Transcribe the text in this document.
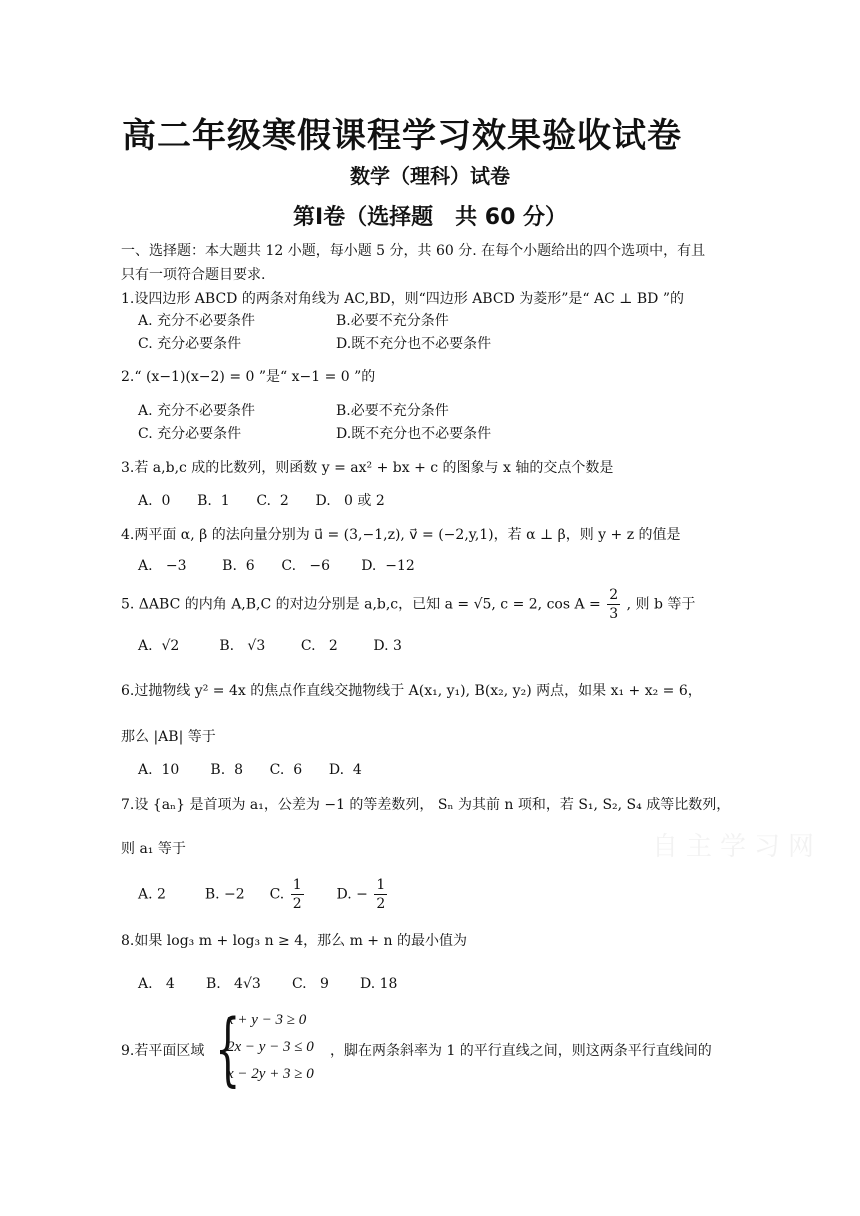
高二年级寒假课程学习效果验收试卷
数学（理科）试卷
第Ⅰ卷（选择题　共 60 分）
一、选择题：本大题共 12 小题，每小题 5 分，共 60 分. 在每个小题给出的四个选项中，有且
只有一项符合题目要求.
1.设四边形 ABCD 的两条对角线为 AC,BD，则“四边形 ABCD 为菱形”是“ AC ⊥ BD ”的
A. 充分不必要条件	B.必要不充分条件
C. 充分必要条件	D.既不充分也不必要条件
2.“ (x−1)(x−2) = 0 ”是“ x−1 = 0 ”的
A. 充分不必要条件	B.必要不充分条件
C. 充分必要条件	D.既不充分也不必要条件
3.若 a,b,c 成的比数列，则函数 y = ax² + bx + c 的图象与 x 轴的交点个数是
A.  0      B.  1      C.  2      D.   0 或 2
4.两平面 α, β 的法向量分别为 u⃗ = (3,−1,z), v⃗ = (−2,y,1)，若 α ⊥ β，则 y + z 的值是
A.   −3        B.  6      C.   −6       D.  −12
5. ΔABC 的内角 A,B,C 的对边分别是 a,b,c，已知 a = √5, c = 2, $\cos A = \frac{2}{3}$ , 则 b 等于
A.  √2         B.   √3        C.   2        D. 3
6.过抛物线 y² = 4x 的焦点作直线交抛物线于 A(x₁, y₁), B(x₂, y₂) 两点，如果 x₁ + x₂ = 6，
那么 |AB| 等于
A.  10       B.  8      C.  6      D.  4
7.设 {aₙ} 是首项为 a₁，公差为 −1 的等差数列， Sₙ 为其前 n 项和，若 S₁, S₂, S₄ 成等比数列，
则 a₁ 等于
A. 2	B. −2 C. $\frac{1}{2} D$. − $\frac{1}{2}$
8.如果 log₃ m + log₃ n ≥ 4，那么 m + n 的最小值为
A.   4       B.   4√3       C.   9       D. 18
9.若平面区域 {
x + y − 3 ≥ 0
2x − y − 3 ≤ 0
x − 2y + 3 ≥ 0
，脚在两条斜率为 1 的平行直线之间，则这两条平行直线间的
自主学习网
